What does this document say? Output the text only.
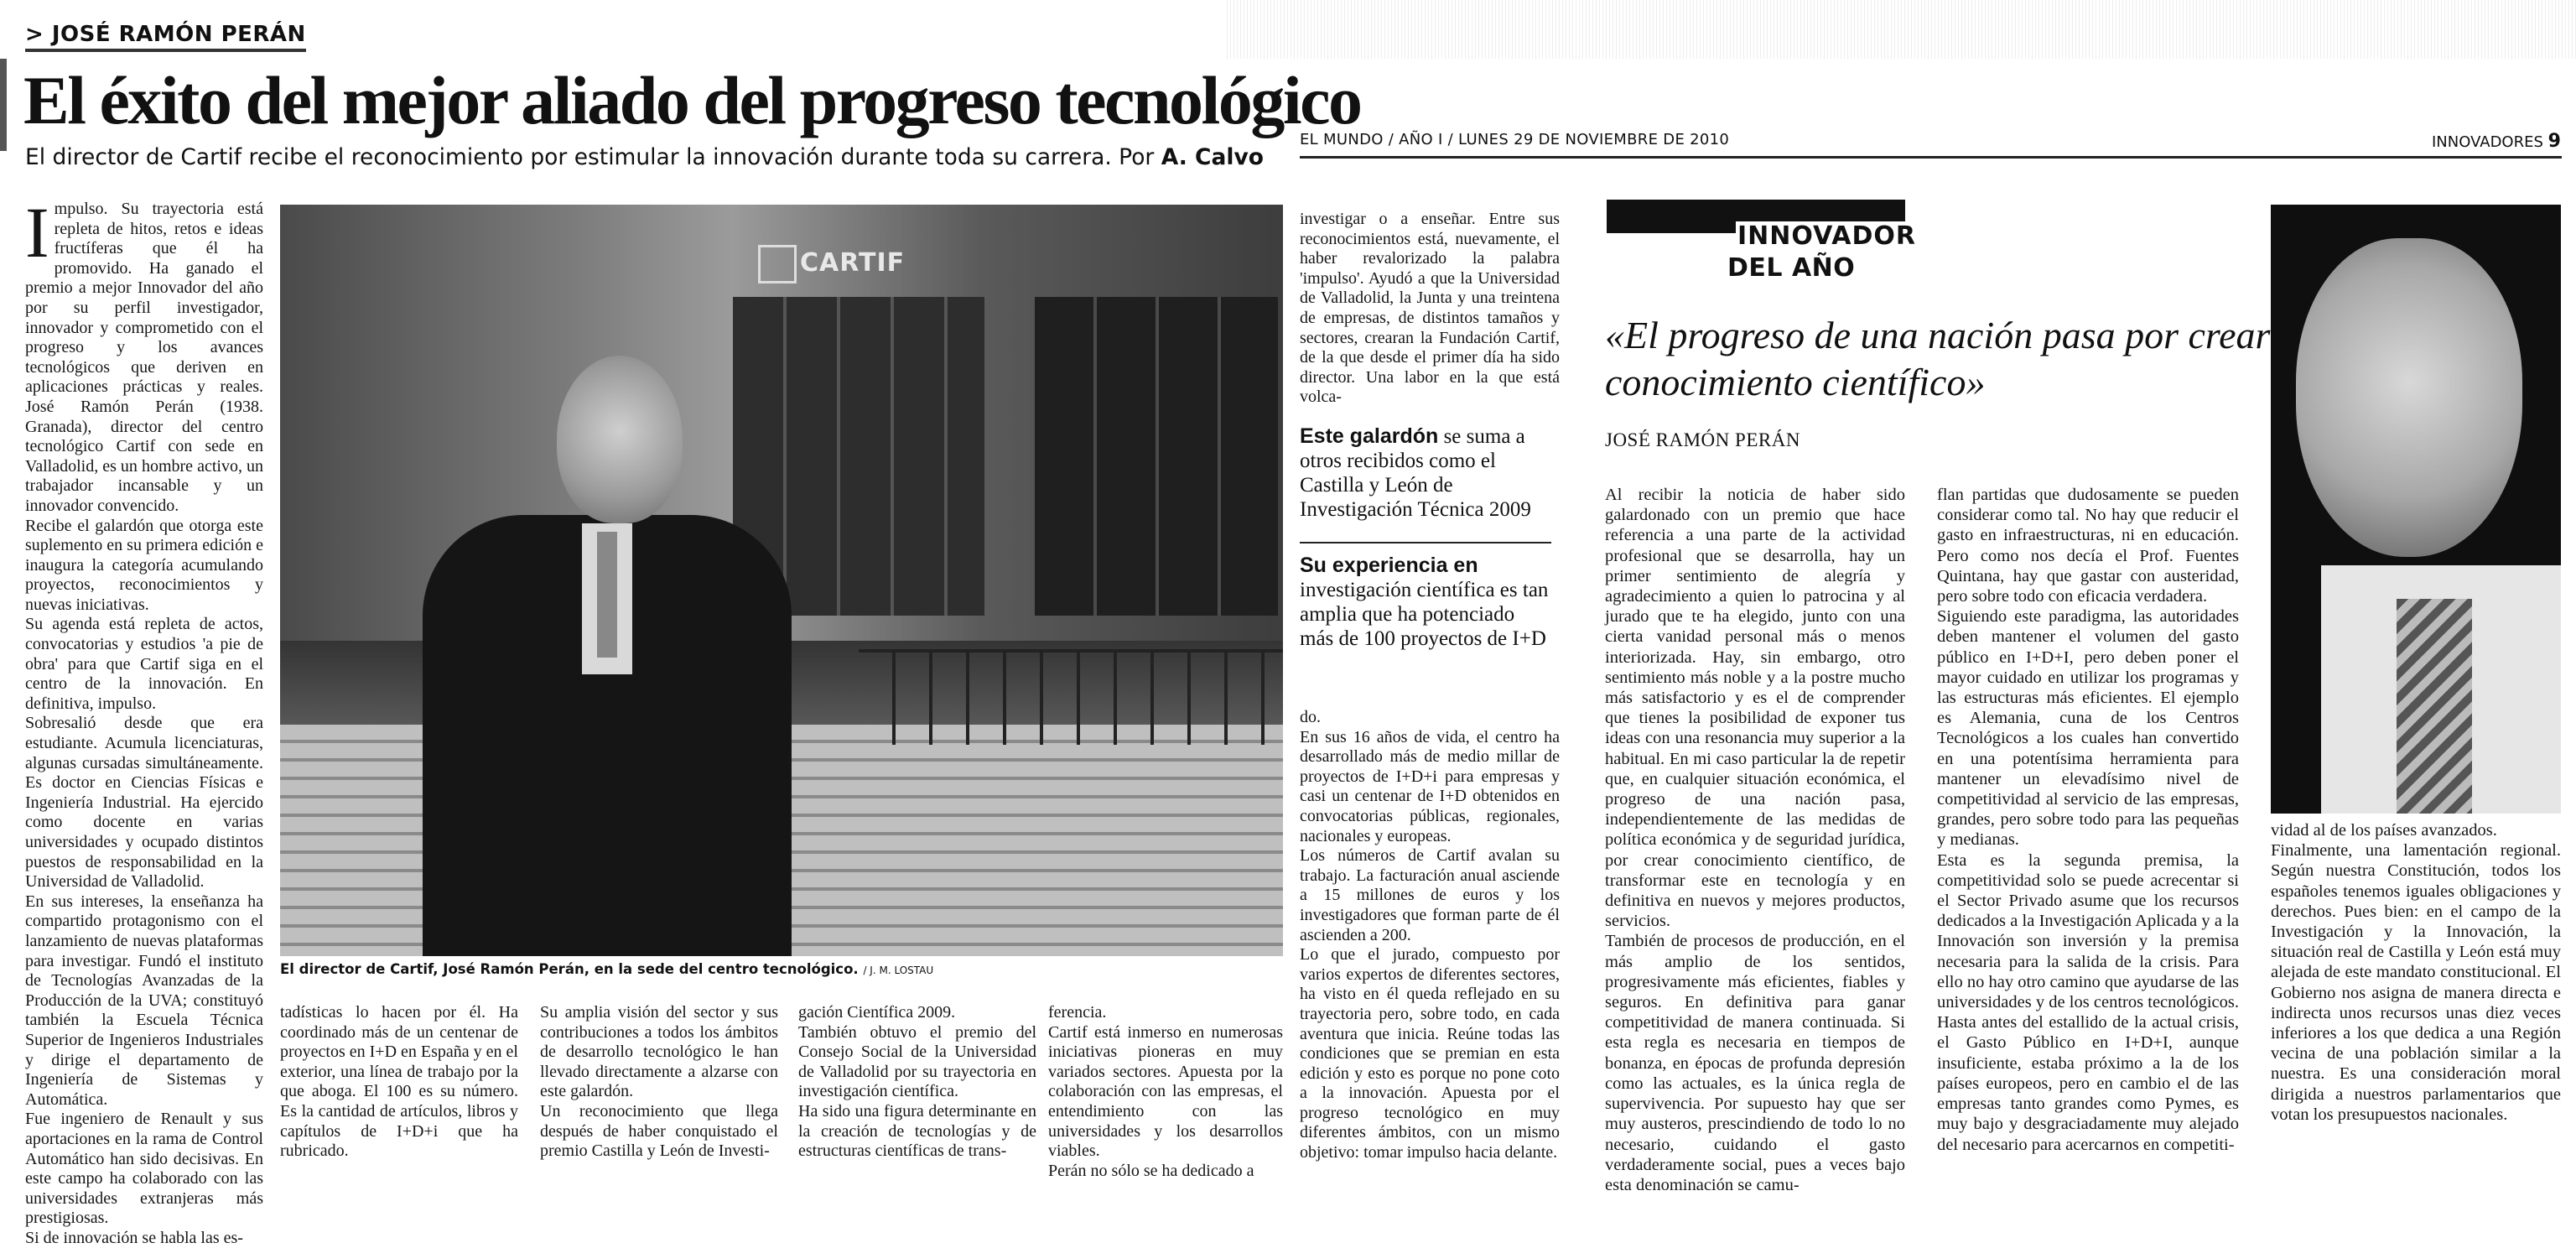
> JOSÉ RAMÓN PERÁN
El éxito del mejor aliado del progreso tecnológico
El director de Cartif recibe el reconocimiento por estimular la innovación durante toda su carrera. Por A. Calvo
I mpulso. Su trayectoria está repleta de hitos, retos e ideas fructíferas que él ha promovido. Ha ganado el premio a mejor Innovador del año por su perfil investigador, innovador y comprometido con el progreso y los avances tecnológicos que deriven en aplicaciones prácticas y reales. José Ramón Perán (1938. Granada), director del centro tecnológico Cartif con sede en Valladolid, es un hombre activo, un trabajador incansable y un innovador convencido.
Recibe el galardón que otorga este suplemento en su primera edición e inaugura la categoría acumulando proyectos, reconocimientos y nuevas iniciativas.
Su agenda está repleta de actos, convocatorias y estudios 'a pie de obra' para que Cartif siga en el centro de la innovación. En definitiva, impulso.
Sobresalió desde que era estudiante. Acumula licenciaturas, algunas cursadas simultáneamente. Es doctor en Ciencias Físicas e Ingeniería Industrial. Ha ejercido como docente en varias universidades y ocupado distintos puestos de responsabilidad en la Universidad de Valladolid.
En sus intereses, la enseñanza ha compartido protagonismo con el lanzamiento de nuevas plataformas para investigar. Fundó el instituto de Tecnologías Avanzadas de la Producción de la UVA; constituyó también la Escuela Técnica Superior de Ingenieros Industriales y dirige el departamento de Ingeniería de Sistemas y Automática.
Fue ingeniero de Renault y sus aportaciones en la rama de Control Automático han sido decisivas. En este campo ha colaborado con las universidades extranjeras más prestigiosas.
Si de innovación se habla las es-

CARTIF
El director de Cartif, José Ramón Perán, en la sede del centro tecnológico. / J. M. LOSTAU

tadísticas lo hacen por él. Ha coordinado más de un centenar de proyectos en I+D en España y en el exterior, una línea de trabajo por la que aboga. El 100 es su número. Es la cantidad de artículos, libros y capítulos de I+D+i que ha rubricado.

Su amplia visión del sector y sus contribuciones a todos los ámbitos de desarrollo tecnológico le han llevado directamente a alzarse con este galardón.
Un reconocimiento que llega después de haber conquistado el premio Castilla y León de Investi-

gación Científica 2009.
También obtuvo el premio del Consejo Social de la Universidad de Valladolid por su trayectoria en investigación científica.
Ha sido una figura determinante en la creación de tecnologías y de estructuras científicas de trans-

ferencia.
Cartif está inmerso en numerosas iniciativas pioneras en muy variados sectores. Apuesta por la colaboración con las empresas, el entendimiento con las universidades y los desarrollos viables.
Perán no sólo se ha dedicado a

investigar o a enseñar. Entre sus reconocimientos está, nuevamente, el haber revalorizado la palabra 'impulso'. Ayudó a que la Universidad de Valladolid, la Junta y una treintena de empresas, de distintos tamaños y sectores, crearan la Fundación Cartif, de la que desde el primer día ha sido director. Una labor en la que está volca-

Este galardón se suma a otros recibidos como el Castilla y León de Investigación Técnica 2009
Su experiencia en investigación científica es tan amplia que ha potenciado más de 100 proyectos de I+D

do.
En sus 16 años de vida, el centro ha desarrollado más de medio millar de proyectos de I+D+i para empresas y casi un centenar de I+D obtenidos en convocatorias públicas, regionales, nacionales y europeas.
Los números de Cartif avalan su trabajo. La facturación anual asciende a 15 millones de euros y los investigadores que forman parte de él ascienden a 200.
Lo que el jurado, compuesto por varios expertos de diferentes sectores, ha visto en él queda reflejado en su trayectoria pero, sobre todo, en cada aventura que inicia. Reúne todas las condiciones que se premian en esta edición y esto es porque no pone coto a la innovación. Apuesta por el progreso tecnológico en muy diferentes ámbitos, con un mismo objetivo: tomar impulso hacia delante.

EL MUNDO / AÑO I / LUNES 29 DE NOVIEMBRE DE 2010	INNOVADORES 9
INNOVADOR
DEL AÑO
«El progreso de una nación pasa por crear conocimiento científico»
JOSÉ RAMÓN PERÁN

Al recibir la noticia de haber sido galardonado con un premio que hace referencia a una parte de la actividad profesional que se desarrolla, hay un primer sentimiento de alegría y agradecimiento a quien lo patrocina y al jurado que te ha elegido, junto con una cierta vanidad personal más o menos interiorizada. Hay, sin embargo, otro sentimiento más noble y a la postre mucho más satisfactorio y es el de comprender que tienes la posibilidad de exponer tus ideas con una resonancia muy superior a la habitual. En mi caso particular la de repetir que, en cualquier situación económica, el progreso de una nación pasa, independientemente de las medidas de política económica y de seguridad jurídica, por crear conocimiento científico, de transformar este en tecnología y en definitiva en nuevos y mejores productos, servicios.
También de procesos de producción, en el más amplio de los sentidos, progresivamente más eficientes, fiables y seguros. En definitiva para ganar competitividad de manera continuada. Si esta regla es necesaria en tiempos de bonanza, en épocas de profunda depresión como las actuales, es la única regla de supervivencia. Por supuesto hay que ser muy austeros, prescindiendo de todo lo no necesario, cuidando el gasto verdaderamente social, pues a veces bajo esta denominación se camu-

flan partidas que dudosamente se pueden considerar como tal. No hay que reducir el gasto en infraestructuras, ni en educación. Pero como nos decía el Prof. Fuentes Quintana, hay que gastar con austeridad, pero sobre todo con eficacia verdadera.
Siguiendo este paradigma, las autoridades deben mantener el volumen del gasto público en I+D+I, pero deben poner el mayor cuidado en utilizar los programas y las estructuras más eficientes. El ejemplo es Alemania, cuna de los Centros Tecnológicos a los cuales han convertido en una potentísima herramienta para mantener un elevadísimo nivel de competitividad al servicio de las empresas, grandes, pero sobre todo para las pequeñas y medianas.
Esta es la segunda premisa, la competitividad solo se puede acrecentar si el Sector Privado asume que los recursos dedicados a la Investigación Aplicada y a la Innovación son inversión y la premisa necesaria para la salida de la crisis. Para ello no hay otro camino que ayudarse de las universidades y de los centros tecnológicos. Hasta antes del estallido de la actual crisis, el Gasto Público en I+D+I, aunque insuficiente, estaba próximo a la de los países europeos, pero en cambio el de las empresas tanto grandes como Pymes, es muy bajo y desgraciadamente muy alejado del necesario para acercarnos en competiti-

vidad al de los países avanzados.
Finalmente, una lamentación regional. Según nuestra Constitución, todos los españoles tenemos iguales obligaciones y derechos. Pues bien: en el campo de la Investigación y la Innovación, la situación real de Castilla y León está muy alejada de este mandato constitucional. El Gobierno nos asigna de manera directa e indirecta unos recursos unas diez veces inferiores a los que dedica a una Región vecina de una población similar a la nuestra. Es una consideración moral dirigida a nuestros parlamentarios que votan los presupuestos nacionales.
